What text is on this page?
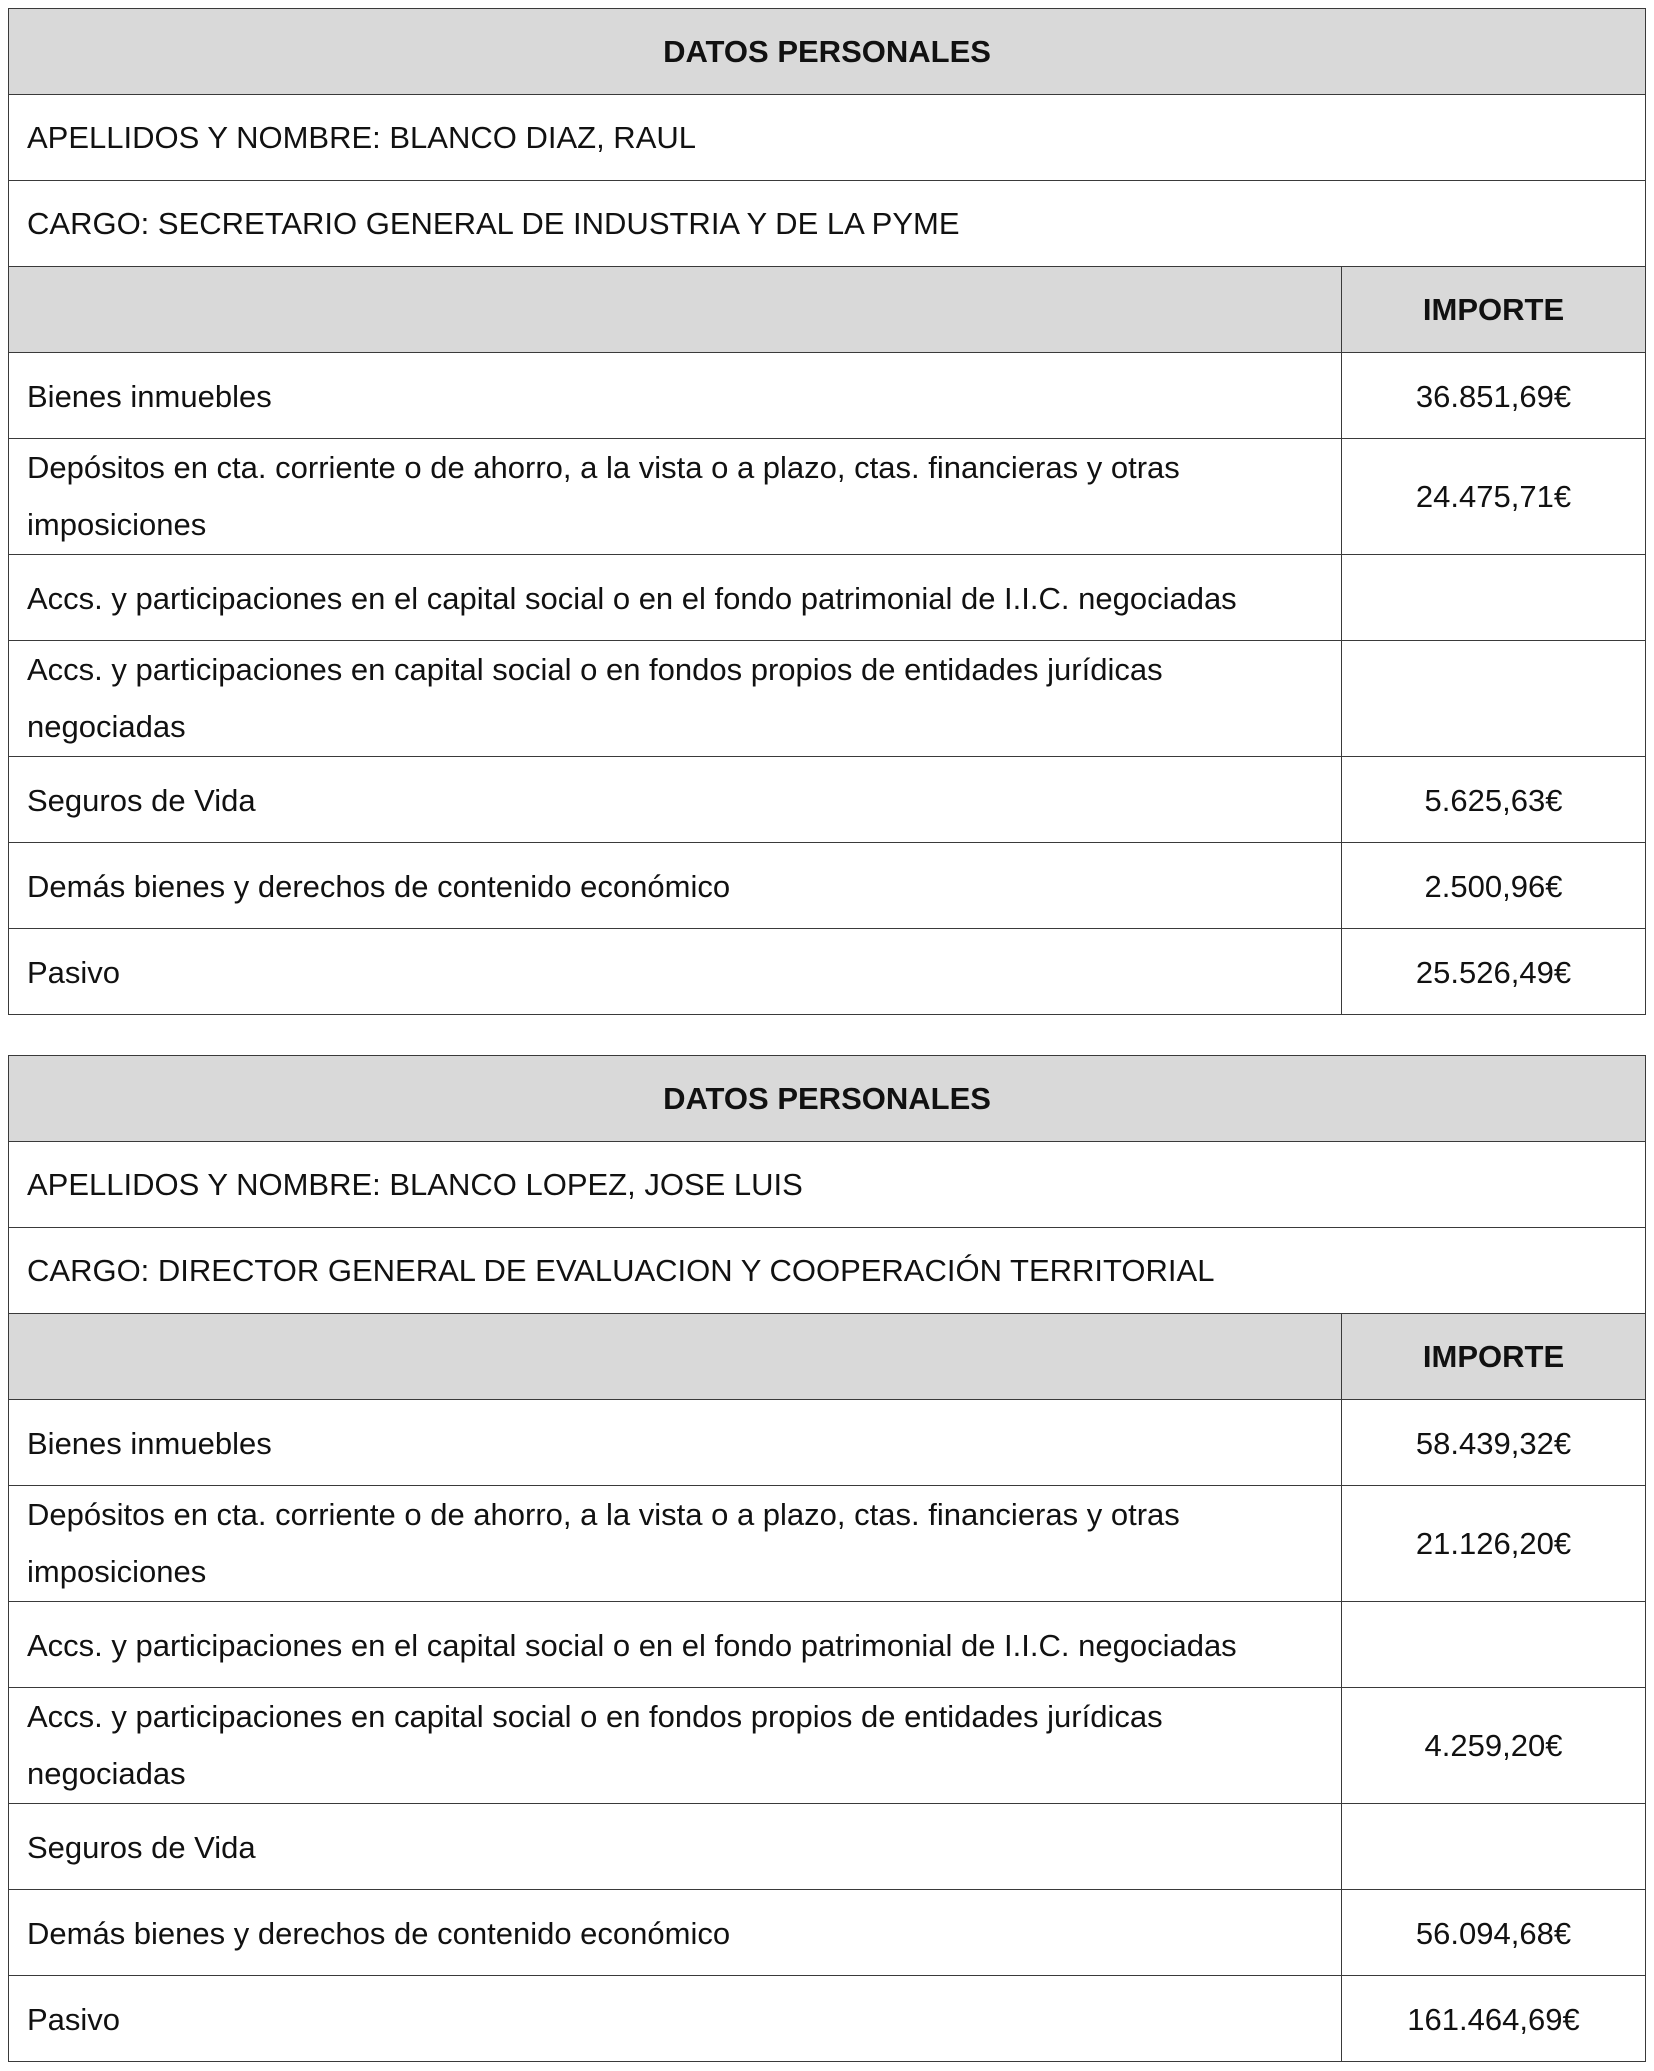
DATOS PERSONALES	
APELLIDOS Y NOMBRE: BLANCO DIAZ, RAUL	
CARGO: SECRETARIO GENERAL DE INDUSTRIA Y DE LA PYME	
	IMPORTE
Bienes inmuebles	36.851,69€
Depósitos en cta. corriente o de ahorro, a la vista o a plazo, ctas. financieras y otras imposiciones	24.475,71€
Accs. y participaciones en el capital social o en el fondo patrimonial de I.I.C. negociadas	
Accs. y participaciones en capital social o en fondos propios de entidades jurídicas negociadas	
Seguros de Vida	5.625,63€
Demás bienes y derechos de contenido económico	2.500,96€
Pasivo	25.526,49€
DATOS PERSONALES	
APELLIDOS Y NOMBRE: BLANCO LOPEZ, JOSE LUIS	
CARGO: DIRECTOR GENERAL DE EVALUACION Y COOPERACIÓN TERRITORIAL	
	IMPORTE
Bienes inmuebles	58.439,32€
Depósitos en cta. corriente o de ahorro, a la vista o a plazo, ctas. financieras y otras imposiciones	21.126,20€
Accs. y participaciones en el capital social o en el fondo patrimonial de I.I.C. negociadas	
Accs. y participaciones en capital social o en fondos propios de entidades jurídicas negociadas	4.259,20€
Seguros de Vida	
Demás bienes y derechos de contenido económico	56.094,68€
Pasivo	161.464,69€
